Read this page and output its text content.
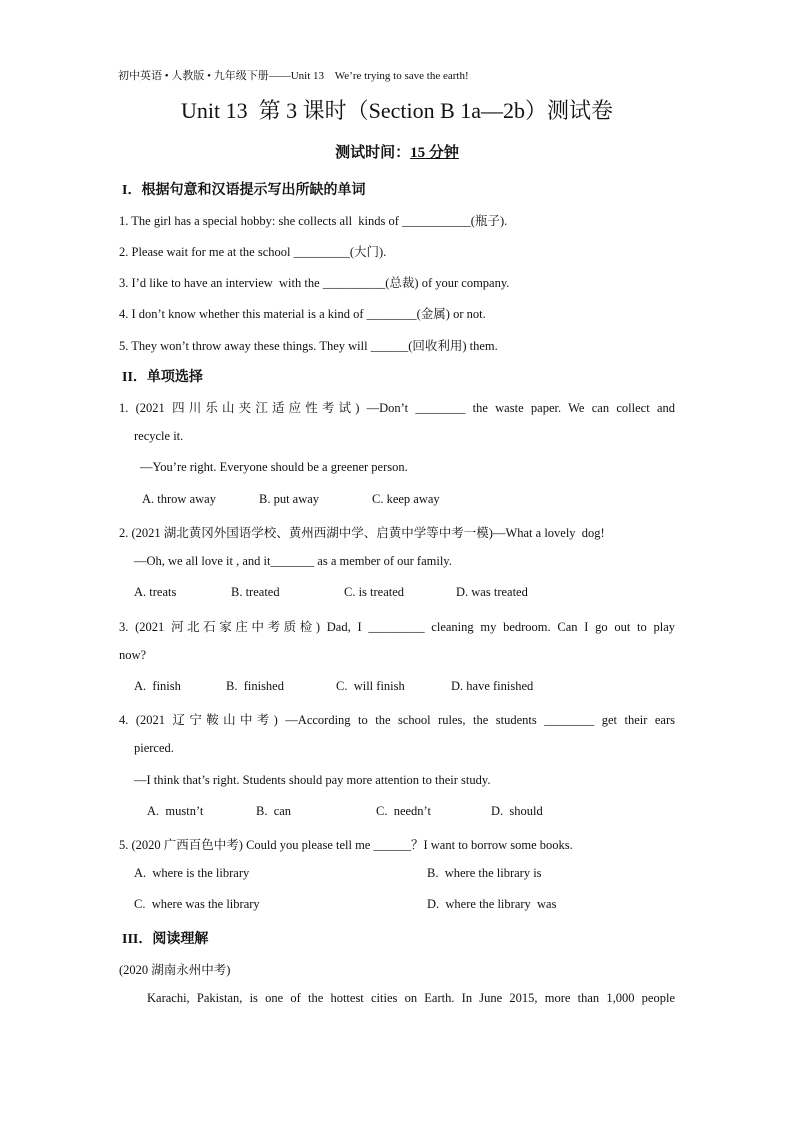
初中英语 • 人教版 • 九年级下册——Unit 13    We’re trying to save the earth!
Unit 13  第 3 课时（Section B 1a—2b）测试卷
测试时间：15 分钟
I．根据句意和汉语提示写出所缺的单词
1. The girl has a special hobby: she collects all  kinds of ___________(瓶子).
2. Please wait for me at the school _________(大门).
3. I’d like to have an interview  with the __________(总裁) of your company.
4. I don’t know whether this material is a kind of ________(金属) or not.
5. They won’t throw away these things. They will ______(回收利用) them.
II．单项选择
1. (2021 四川乐山夹江适应性考试) —Don’t ________ the waste paper. We can collect and
recycle it.
—You’re right. Everyone should be a greener person.
A. throw away	B. put away	C. keep away
2. (2021 湖北黄冈外国语学校、黄州西湖中学、启黄中学等中考一模)—What a lovely  dog!
—Oh, we all love it , and it_______ as a member of our family.
A. treats	B. treated	C. is treated	D. was treated
3. (2021 河北石家庄中考质检) Dad, I _________ cleaning my bedroom. Can I go out to play
now?
A.  finish	B.  finished	C.  will finish	D. have finished
4. (2021 辽宁鞍山中考) —According to the school rules, the students ________ get their ears
pierced.
—I think that’s right. Students should pay more attention to their study.
A.  mustn’t	B.  can	C.  needn’t	D.  should
5. (2020 广西百色中考) Could you please tell me ______？I want to borrow some books.
A.  where is the library	B.  where the library is
C.  where was the library	D.  where the library  was
III．阅读理解
(2020 湖南永州中考)
Karachi, Pakistan, is one of the hottest cities on Earth. In June 2015, more than 1,000 people
